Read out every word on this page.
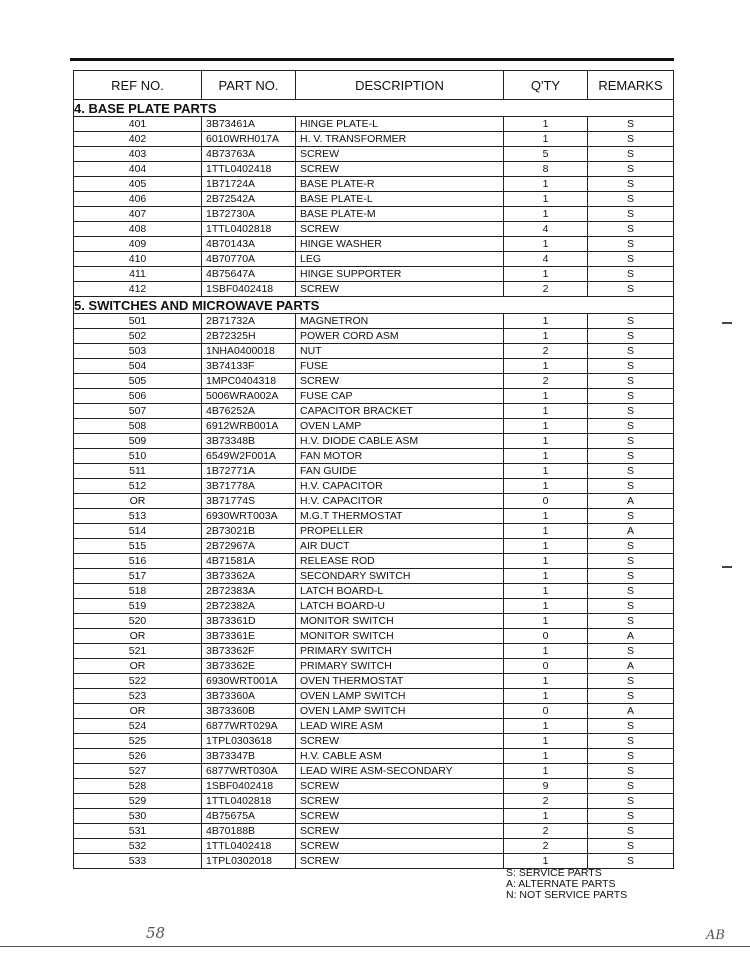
REF NO.	PART NO.	DESCRIPTION	Q'TY	REMARKS
4. BASE PLATE PARTS				
401	3B73461A	HINGE PLATE-L	1	S
402	6010WRH017A	H. V. TRANSFORMER	1	S
403	4B73763A	SCREW	5	S
404	1TTL0402418	SCREW	8	S
405	1B71724A	BASE PLATE-R	1	S
406	2B72542A	BASE PLATE-L	1	S
407	1B72730A	BASE PLATE-M	1	S
408	1TTL0402818	SCREW	4	S
409	4B70143A	HINGE WASHER	1	S
410	4B70770A	LEG	4	S
411	4B75647A	HINGE SUPPORTER	1	S
412	1SBF0402418	SCREW	2	S
5. SWITCHES AND MICROWAVE PARTS				
501	2B71732A	MAGNETRON	1	S
502	2B72325H	POWER CORD ASM	1	S
503	1NHA0400018	NUT	2	S
504	3B74133F	FUSE	1	S
505	1MPC0404318	SCREW	2	S
506	5006WRA002A	FUSE CAP	1	S
507	4B76252A	CAPACITOR BRACKET	1	S
508	6912WRB001A	OVEN LAMP	1	S
509	3B73348B	H.V. DIODE CABLE ASM	1	S
510	6549W2F001A	FAN MOTOR	1	S
511	1B72771A	FAN GUIDE	1	S
512	3B71778A	H.V. CAPACITOR	1	S
OR	3B71774S	H.V. CAPACITOR	0	A
513	6930WRT003A	M.G.T THERMOSTAT	1	S
514	2B73021B	PROPELLER	1	A
515	2B72967A	AIR DUCT	1	S
516	4B71581A	RELEASE ROD	1	S
517	3B73362A	SECONDARY SWITCH	1	S
518	2B72383A	LATCH BOARD-L	1	S
519	2B72382A	LATCH BOARD-U	1	S
520	3B73361D	MONITOR SWITCH	1	S
OR	3B73361E	MONITOR SWITCH	0	A
521	3B73362F	PRIMARY SWITCH	1	S
OR	3B73362E	PRIMARY SWITCH	0	A
522	6930WRT001A	OVEN THERMOSTAT	1	S
523	3B73360A	OVEN LAMP SWITCH	1	S
OR	3B73360B	OVEN LAMP SWITCH	0	A
524	6877WRT029A	LEAD WIRE ASM	1	S
525	1TPL0303618	SCREW	1	S
526	3B73347B	H.V. CABLE ASM	1	S
527	6877WRT030A	LEAD WIRE ASM-SECONDARY	1	S
528	1SBF0402418	SCREW	9	S
529	1TTL0402818	SCREW	2	S
530	4B75675A	SCREW	1	S
531	4B70188B	SCREW	2	S
532	1TTL0402418	SCREW	2	S
533	1TPL0302018	SCREW	1	S
S: SERVICE PARTS
A: ALTERNATE PARTS
N: NOT SERVICE PARTS
58	AB
